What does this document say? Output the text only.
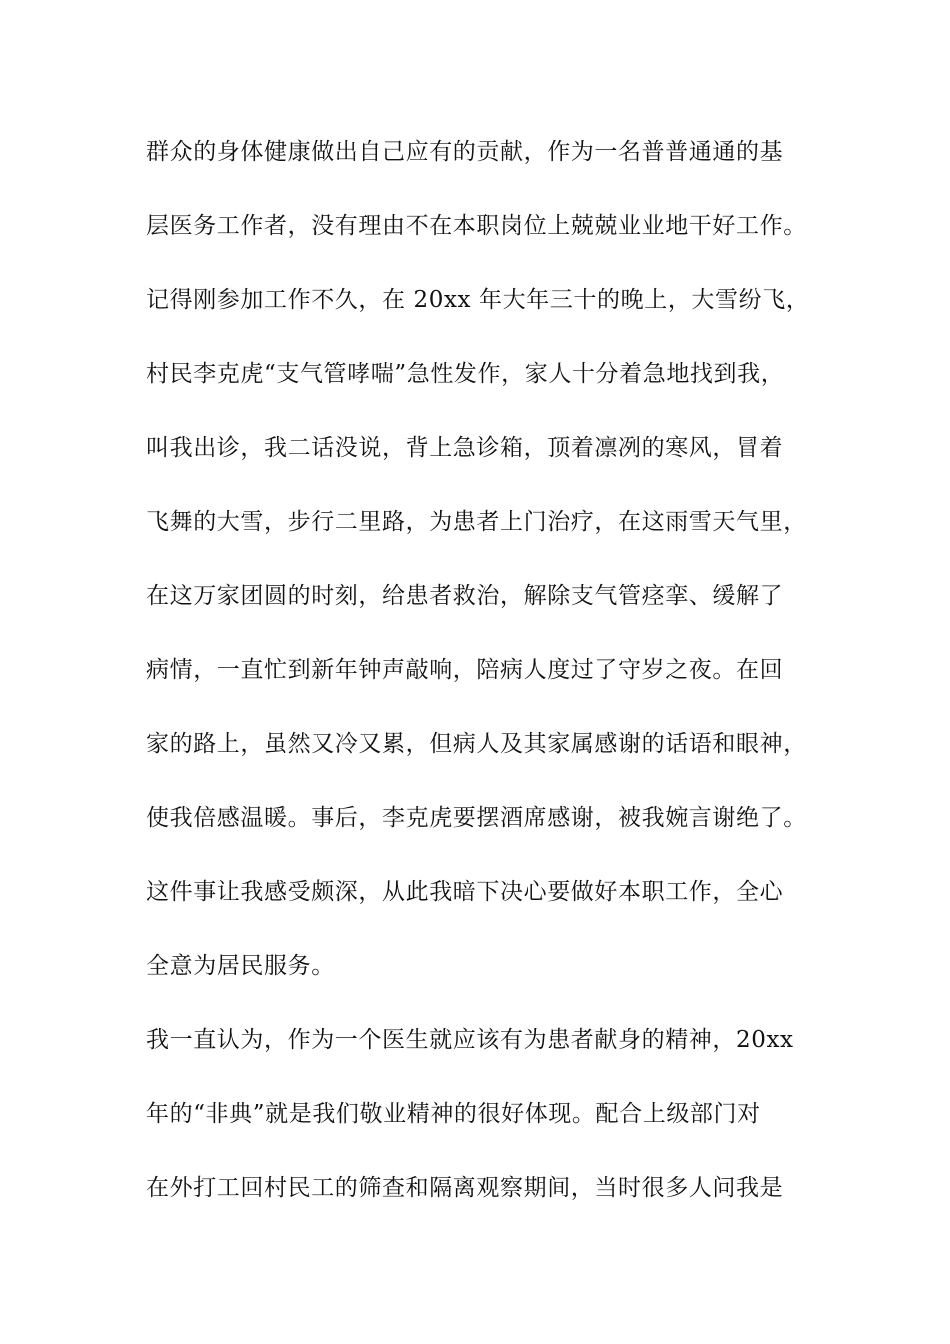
群众的身体健康做出自己应有的贡献，作为一名普普通通的基
层医务工作者，没有理由不在本职岗位上兢兢业业地干好工作。
记得刚参加工作不久，在 20xx 年大年三十的晚上，大雪纷飞，
村民李克虎“支气管哮喘”急性发作，家人十分着急地找到我，
叫我出诊，我二话没说，背上急诊箱，顶着凛冽的寒风，冒着
飞舞的大雪，步行二里路，为患者上门治疗，在这雨雪天气里，
在这万家团圆的时刻，给患者救治，解除支气管痉挛、缓解了
病情，一直忙到新年钟声敲响，陪病人度过了守岁之夜。在回
家的路上，虽然又冷又累，但病人及其家属感谢的话语和眼神，
使我倍感温暖。事后，李克虎要摆酒席感谢，被我婉言谢绝了。
这件事让我感受颇深，从此我暗下决心要做好本职工作，全心
全意为居民服务。
我一直认为，作为一个医生就应该有为患者献身的精神，20xx
年的“非典”就是我们敬业精神的很好体现。配合上级部门对
在外打工回村民工的筛查和隔离观察期间，当时很多人问我是
